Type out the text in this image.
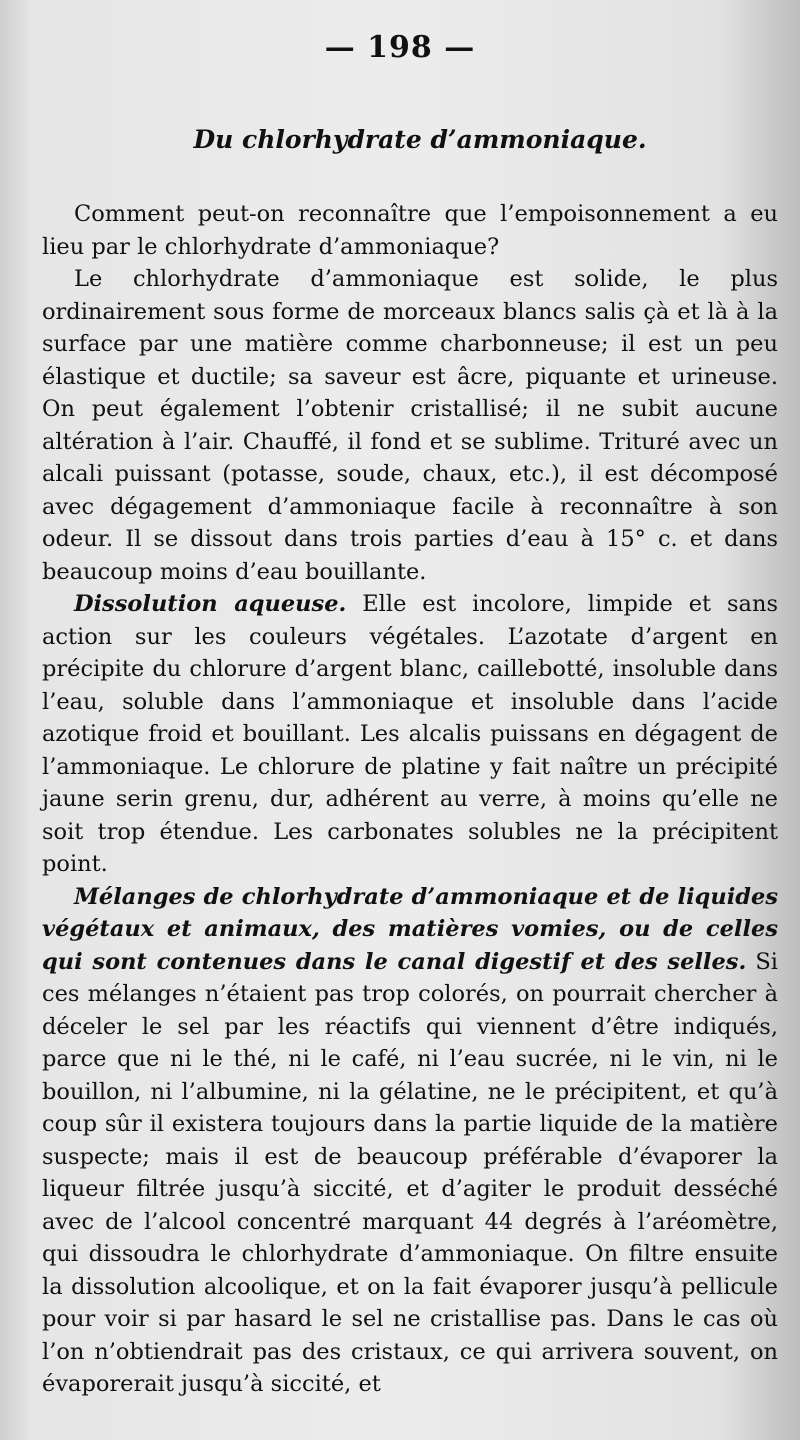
— 198 —
Du chlorhydrate d’ammoniaque.

Comment peut-on reconnaître que l’empoisonnement a eu lieu par le chlorhydrate d’ammoniaque?

Le chlorhydrate d’ammoniaque est solide, le plus ordinairement sous forme de morceaux blancs salis çà et là à la surface par une matière comme charbonneuse; il est un peu élastique et ductile; sa saveur est âcre, piquante et urineuse. On peut également l’obtenir cristallisé; il ne subit aucune altération à l’air. Chauffé, il fond et se sublime. Trituré avec un alcali puissant (potasse, soude, chaux, etc.), il est décomposé avec dégagement d’ammoniaque facile à reconnaître à son odeur. Il se dissout dans trois parties d’eau à 15° c. et dans beaucoup moins d’eau bouillante.

Dissolution aqueuse. Elle est incolore, limpide et sans action sur les couleurs végétales. L’azotate d’argent en précipite du chlorure d’argent blanc, caillebotté, insoluble dans l’eau, soluble dans l’ammoniaque et insoluble dans l’acide azotique froid et bouillant. Les alcalis puissans en dégagent de l’ammoniaque. Le chlorure de platine y fait naître un précipité jaune serin grenu, dur, adhérent au verre, à moins qu’elle ne soit trop étendue. Les carbonates solubles ne la précipitent point.

Mélanges de chlorhydrate d’ammoniaque et de liquides végétaux et animaux, des matières vomies, ou de celles qui sont contenues dans le canal digestif et des selles. Si ces mélanges n’étaient pas trop colorés, on pourrait chercher à déceler le sel par les réactifs qui viennent d’être indiqués, parce que ni le thé, ni le café, ni l’eau sucrée, ni le vin, ni le bouillon, ni l’albumine, ni la gélatine, ne le précipitent, et qu’à coup sûr il existera toujours dans la partie liquide de la matière suspecte; mais il est de beaucoup préférable d’évaporer la liqueur filtrée jusqu’à siccité, et d’agiter le produit desséché avec de l’alcool concentré marquant 44 degrés à l’aréomètre, qui dissoudra le chlorhydrate d’ammoniaque. On filtre ensuite la dissolution alcoolique, et on la fait évaporer jusqu’à pellicule pour voir si par hasard le sel ne cristallise pas. Dans le cas où l’on n’obtiendrait pas des cristaux, ce qui arrivera souvent, on évaporerait jusqu’à siccité, et
